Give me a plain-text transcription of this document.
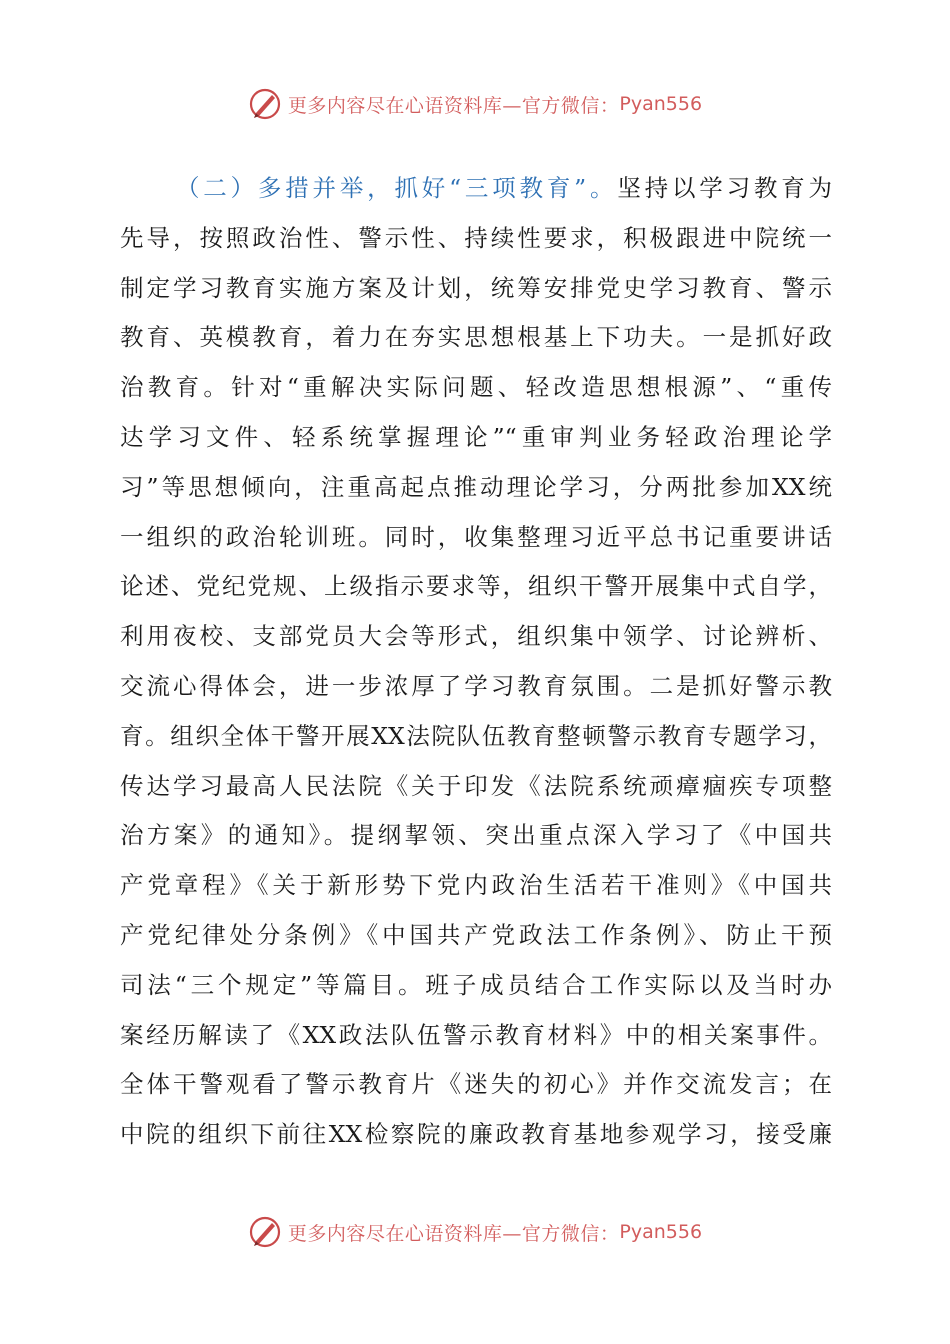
更多内容尽在心语资料库—官方微信： Pyan556
（二）多措并举，抓好“三项教育”。坚持以学习教育为
先导，按照政治性、警示性、持续性要求，积极跟进中院统一
制定学习教育实施方案及计划，统筹安排党史学习教育、警示
教育、英模教育，着力在夯实思想根基上下功夫。一是抓好政
治教育。针对“重解决实际问题、轻改造思想根源”、“重传
达学习文件、轻系统掌握理论”“重审判业务轻政治理论学
习”等思想倾向，注重高起点推动理论学习，分两批参加XX统
一组织的政治轮训班。同时，收集整理习近平总书记重要讲话
论述、党纪党规、上级指示要求等，组织干警开展集中式自学，
利用夜校、支部党员大会等形式，组织集中领学、讨论辨析、
交流心得体会，进一步浓厚了学习教育氛围。二是抓好警示教
育。组织全体干警开展XX法院队伍教育整顿警示教育专题学习，
传达学习最高人民法院《关于印发《法院系统顽瘴痼疾专项整
治方案》的通知》。提纲挈领、突出重点深入学习了《中国共
产党章程》《关于新形势下党内政治生活若干准则》《中国共
产党纪律处分条例》《中国共产党政法工作条例》、防止干预
司法“三个规定”等篇目。班子成员结合工作实际以及当时办
案经历解读了《XX政法队伍警示教育材料》中的相关案事件。
全体干警观看了警示教育片《迷失的初心》并作交流发言；在
中院的组织下前往XX检察院的廉政教育基地参观学习，接受廉
更多内容尽在心语资料库—官方微信： Pyan556
